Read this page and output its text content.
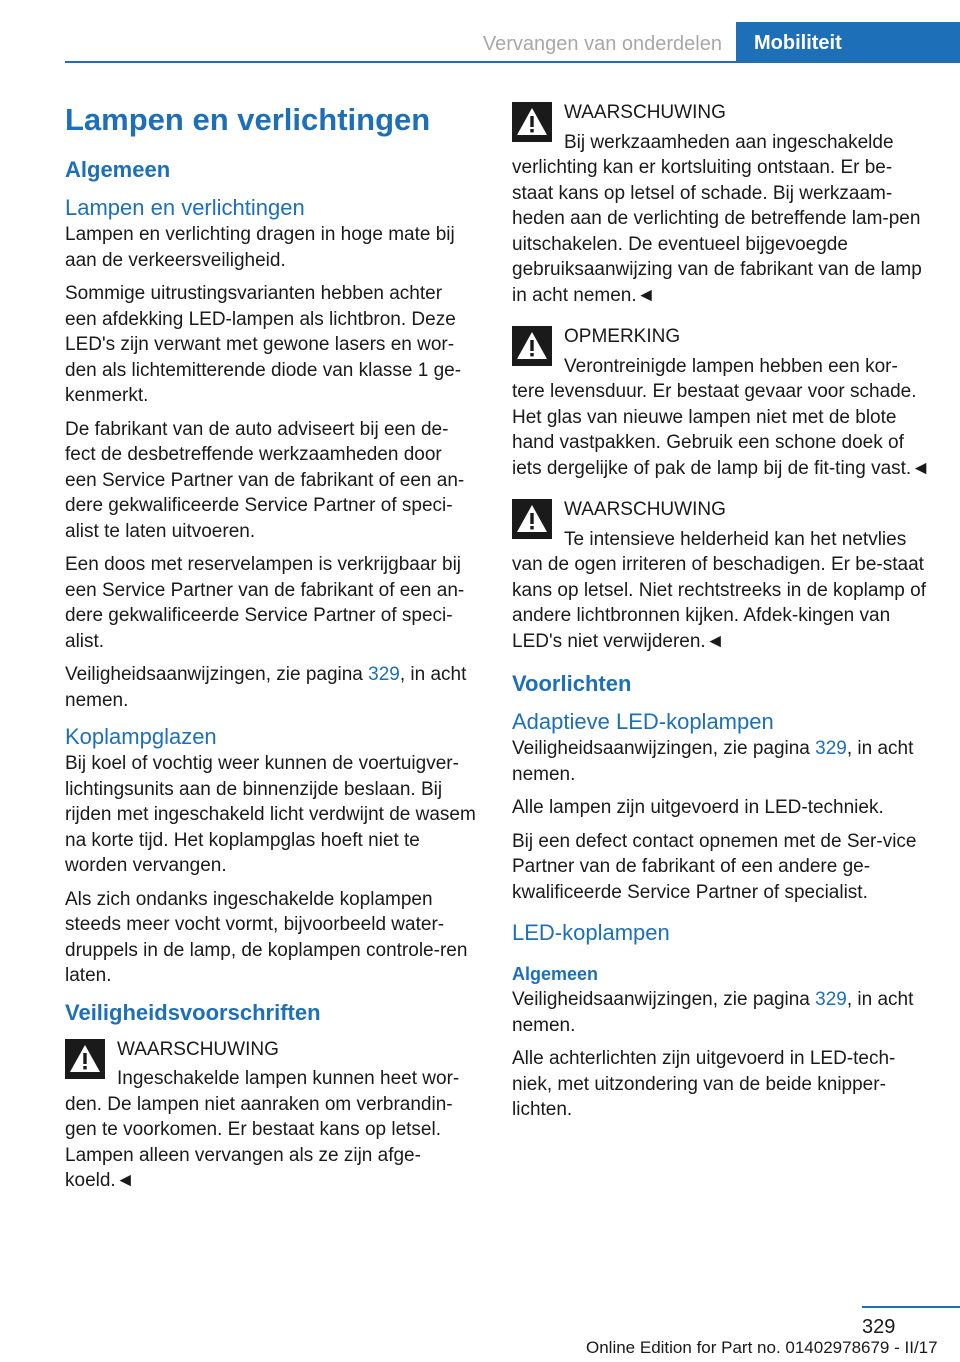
Vervangen van onderdelen	Mobiliteit
Lampen en verlichtingen
Algemeen
Lampen en verlichtingen

Lampen en verlichting dragen in hoge mate bij aan de verkeersveiligheid.

Sommige uitrustingsvarianten hebben achter een afdekking LED-lampen als lichtbron. Deze LED's zijn verwant met gewone lasers en wor-den als lichtemitterende diode van klasse 1 ge-kenmerkt.

De fabrikant van de auto adviseert bij een de-fect de desbetreffende werkzaamheden door een Service Partner van de fabrikant of een an-dere gekwalificeerde Service Partner of speci-alist te laten uitvoeren.

Een doos met reservelampen is verkrijgbaar bij een Service Partner van de fabrikant of een an-dere gekwalificeerde Service Partner of speci-alist.

Veiligheidsaanwijzingen, zie pagina 329, in acht nemen.

Koplampglazen

Bij koel of vochtig weer kunnen de voertuigver-lichtingsunits aan de binnenzijde beslaan. Bij rijden met ingeschakeld licht verdwijnt de wasem na korte tijd. Het koplampglas hoeft niet te worden vervangen.

Als zich ondanks ingeschakelde koplampen steeds meer vocht vormt, bijvoorbeeld water-druppels in de lamp, de koplampen controle-ren laten.

Veiligheidsvoorschriften
WAARSCHUWING
Ingeschakelde lampen kunnen heet wor-

den. De lampen niet aanraken om verbrandin-gen te voorkomen. Er bestaat kans op letsel. Lampen alleen vervangen als ze zijn afge-koeld.◄

WAARSCHUWING
Bij werkzaamheden aan ingeschakelde

verlichting kan er kortsluiting ontstaan. Er be-staat kans op letsel of schade. Bij werkzaam-heden aan de verlichting de betreffende lam-pen uitschakelen. De eventueel bijgevoegde gebruiksaanwijzing van de fabrikant van de lamp in acht nemen.◄

OPMERKING
Verontreinigde lampen hebben een kor-

tere levensduur. Er bestaat gevaar voor schade. Het glas van nieuwe lampen niet met de blote hand vastpakken. Gebruik een schone doek of iets dergelijke of pak de lamp bij de fit-ting vast.◄

WAARSCHUWING
Te intensieve helderheid kan het netvlies

van de ogen irriteren of beschadigen. Er be-staat kans op letsel. Niet rechtstreeks in de koplamp of andere lichtbronnen kijken. Afdek-kingen van LED's niet verwijderen.◄

Voorlichten
Adaptieve LED-koplampen

Veiligheidsaanwijzingen, zie pagina 329, in acht nemen.

Alle lampen zijn uitgevoerd in LED-techniek.

Bij een defect contact opnemen met de Ser-vice Partner van de fabrikant of een andere ge-kwalificeerde Service Partner of specialist.

LED-koplampen
Algemeen

Veiligheidsaanwijzingen, zie pagina 329, in acht nemen.

Alle achterlichten zijn uitgevoerd in LED-tech-niek, met uitzondering van de beide knipper-lichten.

329
Online Edition for Part no. 01402978679 - II/17
